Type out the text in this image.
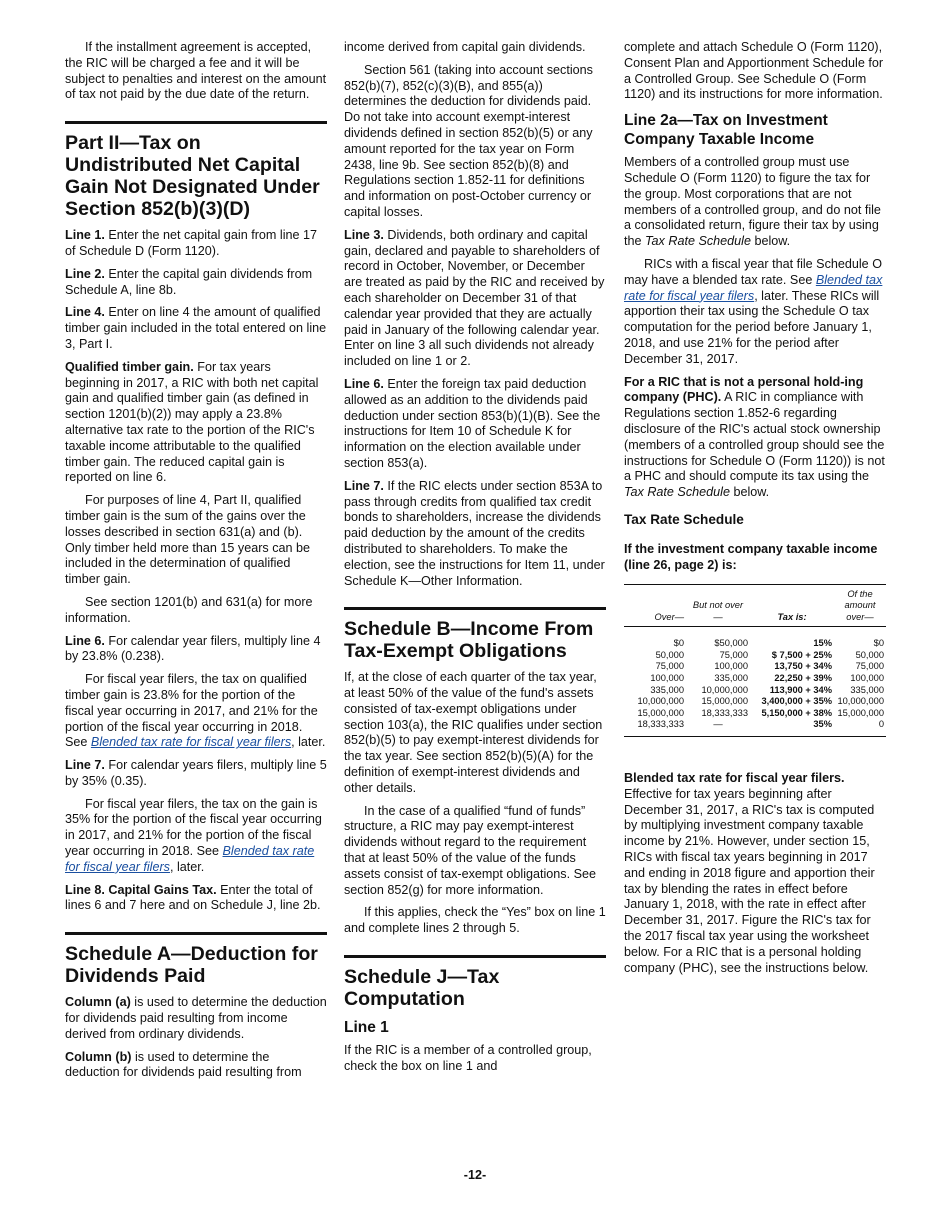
If the installment agreement is accepted, the RIC will be charged a fee and it will be subject to penalties and interest on the amount of tax not paid by the due date of the return.

Part II—Tax on Undistributed Net Capital Gain Not Designated Under Section 852(b)(3)(D)

Line 1. Enter the net capital gain from line 17 of Schedule D (Form 1120).

Line 2. Enter the capital gain dividends from Schedule A, line 8b.

Line 4. Enter on line 4 the amount of qualified timber gain included in the total entered on line 3, Part I.

Qualified timber gain. For tax years beginning in 2017, a RIC with both net capital gain and qualified timber gain (as defined in section 1201(b)(2)) may apply a 23.8% alternative tax rate to the portion of the RIC's taxable income attributable to the qualified timber gain. The reduced capital gain is reported on line 6.

For purposes of line 4, Part II, qualified timber gain is the sum of the gains over the losses described in section 631(a) and (b). Only timber held more than 15 years can be included in the determination of qualified timber gain.

See section 1201(b) and 631(a) for more information.

Line 6. For calendar year filers, multiply line 4 by 23.8% (0.238).

For fiscal year filers, the tax on qualified timber gain is 23.8% for the portion of the fiscal year occurring in 2017, and 21% for the portion of the fiscal year occurring in 2018. See Blended tax rate for fiscal year filers, later.

Line 7. For calendar years filers, multiply line 5 by 35% (0.35).

For fiscal year filers, the tax on the gain is 35% for the portion of the fiscal year occurring in 2017, and 21% for the portion of the fiscal year occurring in 2018. See Blended tax rate for fiscal year filers, later.

Line 8. Capital Gains Tax. Enter the total of lines 6 and 7 here and on Schedule J, line 2b.

Schedule A—Deduction for Dividends Paid

Column (a) is used to determine the deduction for dividends paid resulting from income derived from ordinary dividends.

Column (b) is used to determine the deduction for dividends paid resulting from

income derived from capital gain dividends.

Section 561 (taking into account sections 852(b)(7), 852(c)(3)(B), and 855(a)) determines the deduction for dividends paid. Do not take into account exempt-interest dividends defined in section 852(b)(5) or any amount reported for the tax year on Form 2438, line 9b. See section 852(b)(8) and Regulations section 1.852-11 for definitions and information on post-October currency or capital losses.

Line 3. Dividends, both ordinary and capital gain, declared and payable to shareholders of record in October, November, or December are treated as paid by the RIC and received by each shareholder on December 31 of that calendar year provided that they are actually paid in January of the following calendar year. Enter on line 3 all such dividends not already included on line 1 or 2.

Line 6. Enter the foreign tax paid deduction allowed as an addition to the dividends paid deduction under section 853(b)(1)(B). See the instructions for Item 10 of Schedule K for information on the election available under section 853(a).

Line 7. If the RIC elects under section 853A to pass through credits from qualified tax credit bonds to shareholders, increase the dividends paid deduction by the amount of the credits distributed to shareholders. To make the election, see the instructions for Item 11, under Schedule K—Other Information.

Schedule B—Income From Tax-Exempt Obligations

If, at the close of each quarter of the tax year, at least 50% of the value of the fund's assets consisted of tax-exempt obligations under section 103(a), the RIC qualifies under section 852(b)(5) to pay exempt-interest dividends for the tax year. See section 852(b)(5)(A) for the definition of exempt-interest dividends and other details.

In the case of a qualified “fund of funds” structure, a RIC may pay exempt-interest dividends without regard to the requirement that at least 50% of the value of the funds assets consist of tax-exempt obligations. See section 852(g) for more information.

If this applies, check the “Yes” box on line 1 and complete lines 2 through 5.

Schedule J—Tax Computation
Line 1

If the RIC is a member of a controlled group, check the box on line 1 and

complete and attach Schedule O (Form 1120), Consent Plan and Apportionment Schedule for a Controlled Group. See Schedule O (Form 1120) and its instructions for more information.

Line 2a—Tax on Investment Company Taxable Income

Members of a controlled group must use Schedule O (Form 1120) to figure the tax for the group. Most corporations that are not members of a controlled group, and do not file a consolidated return, figure their tax by using the Tax Rate Schedule below.

RICs with a fiscal year that file Schedule O may have a blended tax rate. See Blended tax rate for fiscal year filers, later. These RICs will apportion their tax using the Schedule O tax computation for the period before January 1, 2018, and use 21% for the period after December 31, 2017.

For a RIC that is not a personal hold-ing company (PHC). A RIC in compliance with Regulations section 1.852-6 regarding disclosure of the RIC's actual stock ownership (members of a controlled group should see the instructions for Schedule O (Form 1120)) is not a PHC and should compute its tax using the Tax Rate Schedule below.

Tax Rate Schedule

If the investment company taxable income (line 26, page 2) is:

Over—	But not over —	Tax is:	Of the amount over—
$0	$50,000	15%	$0
50,000	75,000	$ 7,500 + 25%	50,000
75,000	100,000	13,750 + 34%	75,000
100,000	335,000	22,250 + 39%	100,000
335,000	10,000,000	113,900 + 34%	335,000
10,000,000	15,000,000	3,400,000 + 35%	10,000,000
15,000,000	18,333,333	5,150,000 + 38%	15,000,000
18,333,333	—	35%	0

Blended tax rate for fiscal year filers. Effective for tax years beginning after December 31, 2017, a RIC's tax is computed by multiplying investment company taxable income by 21%. However, under section 15, RICs with fiscal tax years beginning in 2017 and ending in 2018 figure and apportion their tax by blending the rates in effect before January 1, 2018, with the rate in effect after December 31, 2017. Figure the RIC's tax for the 2017 fiscal tax year using the worksheet below. For a RIC that is a personal holding company (PHC), see the instructions below.

-12-
